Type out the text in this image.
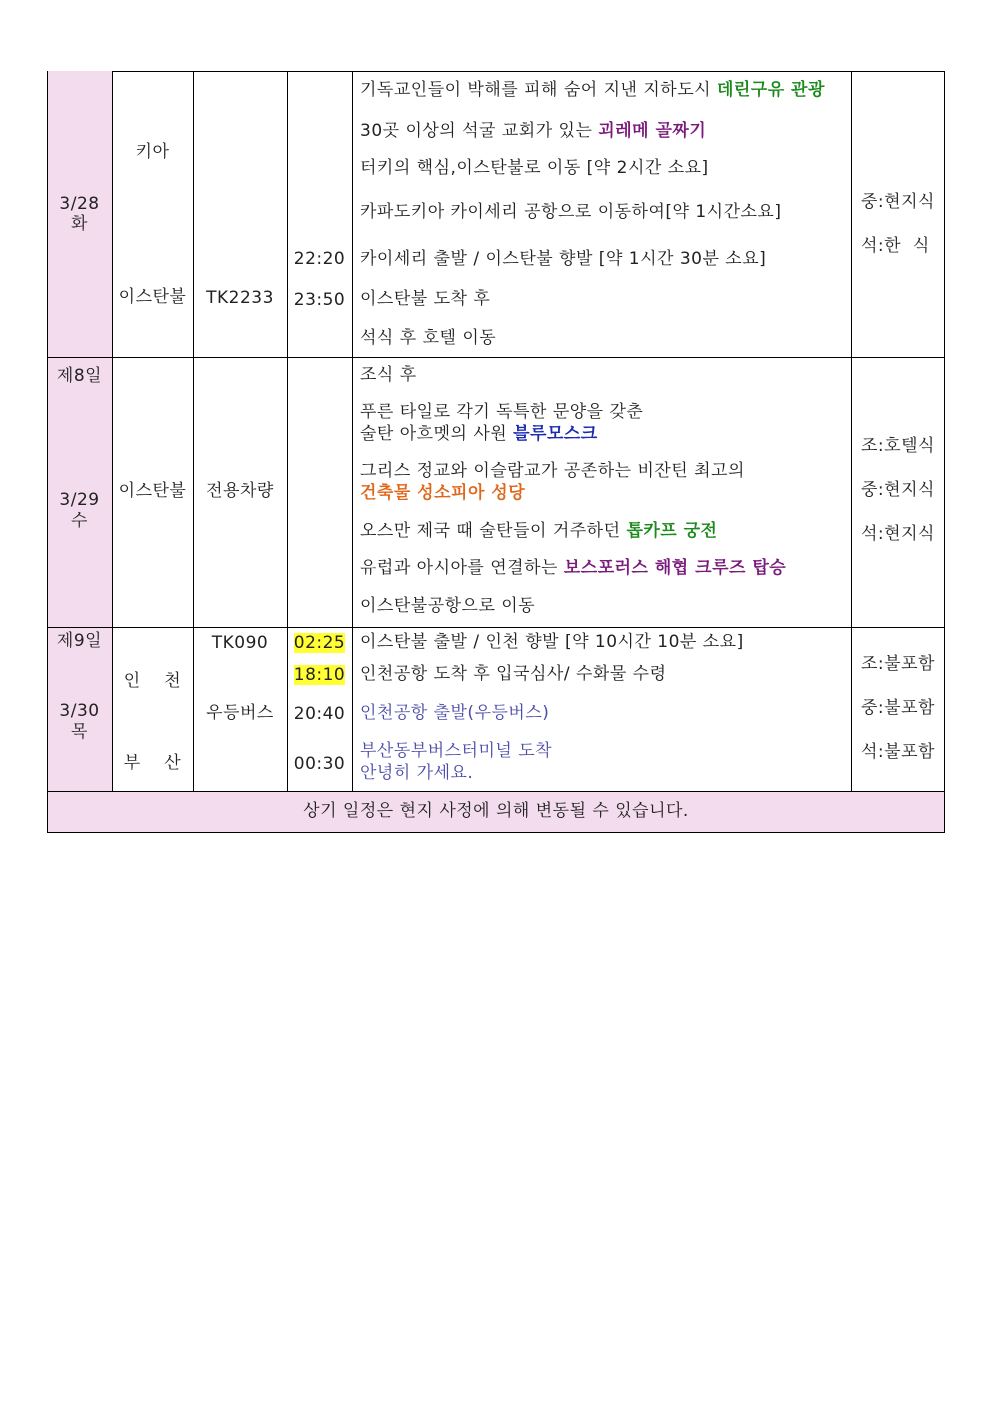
3/28
화
키아
이스탄불	TK2233
22:20
23:50
기독교인들이 박해를 피해 숨어 지낸 지하도시 데린구유 관광
30곳 이상의 석굴 교회가 있는 괴레메 골짜기
터키의 핵심,이스탄불로 이동 [약 2시간 소요]
카파도키아 카이세리 공항으로 이동하여[약 1시간소요]
카이세리 출발 / 이스탄불 향발 [약 1시간 30분 소요]
이스탄불 도착 후
석식 후 호텔 이동
중:현지식
석:한  식
제8일
3/29
수
이스탄불	전용차량
조식 후
푸른 타일로 각기 독특한 문양을 갖춘
술탄 아흐멧의 사원 블루모스크
그리스 정교와 이슬람교가 공존하는 비잔틴 최고의
건축물 성소피아 성당
오스만 제국 때 술탄들이 거주하던 톱카프 궁전
유럽과 아시아를 연결하는 보스포러스 해협 크루즈 탑승
이스탄불공항으로 이동
조:호텔식
중:현지식
석:현지식
제9일
3/30
목
인    천
부    산
TK090
우등버스
02:25
18:10
20:40
00:30
이스탄불 출발 / 인천 향발 [약 10시간 10분 소요]
인천공항 도착 후 입국심사/ 수화물 수령
인천공항 출발(우등버스)
부산동부버스터미널 도착
안녕히 가세요.
조:불포함
중:불포함
석:불포함
상기 일정은 현지 사정에 의해 변동될 수 있습니다.
